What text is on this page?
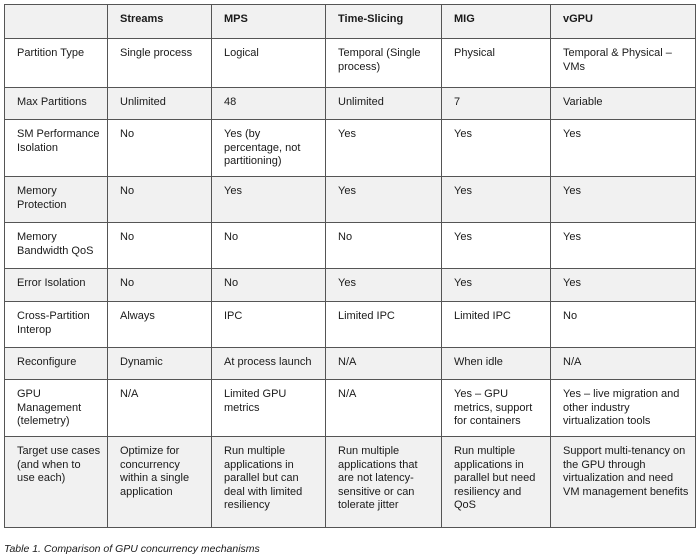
	Streams	MPS	Time-Slicing	MIG	vGPU
Partition Type	Single process	Logical	Temporal (Single process)	Physical	Temporal & Physical – VMs
Max Partitions	Unlimited	48	Unlimited	7	Variable
SM Performance Isolation	No	Yes (by percentage, not partitioning)	Yes	Yes	Yes
Memory Protection	No	Yes	Yes	Yes	Yes
Memory Bandwidth QoS	No	No	No	Yes	Yes
Error Isolation	No	No	Yes	Yes	Yes
Cross-Partition Interop	Always	IPC	Limited IPC	Limited IPC	No
Reconfigure	Dynamic	At process launch	N/A	When idle	N/A
GPU Management (telemetry)	N/A	Limited GPU metrics	N/A	Yes – GPU metrics, support for containers	Yes – live migration and other industry virtualization tools
Target use cases (and when to use each)	Optimize for concurrency within a single application	Run multiple applications in parallel but can deal with limited resiliency	Run multiple applications that are not latency-sensitive or can tolerate jitter	Run multiple applications in parallel but need resiliency and QoS	Support multi-tenancy on the GPU through virtualization and need VM management benefits
Table 1. Comparison of GPU concurrency mechanisms
